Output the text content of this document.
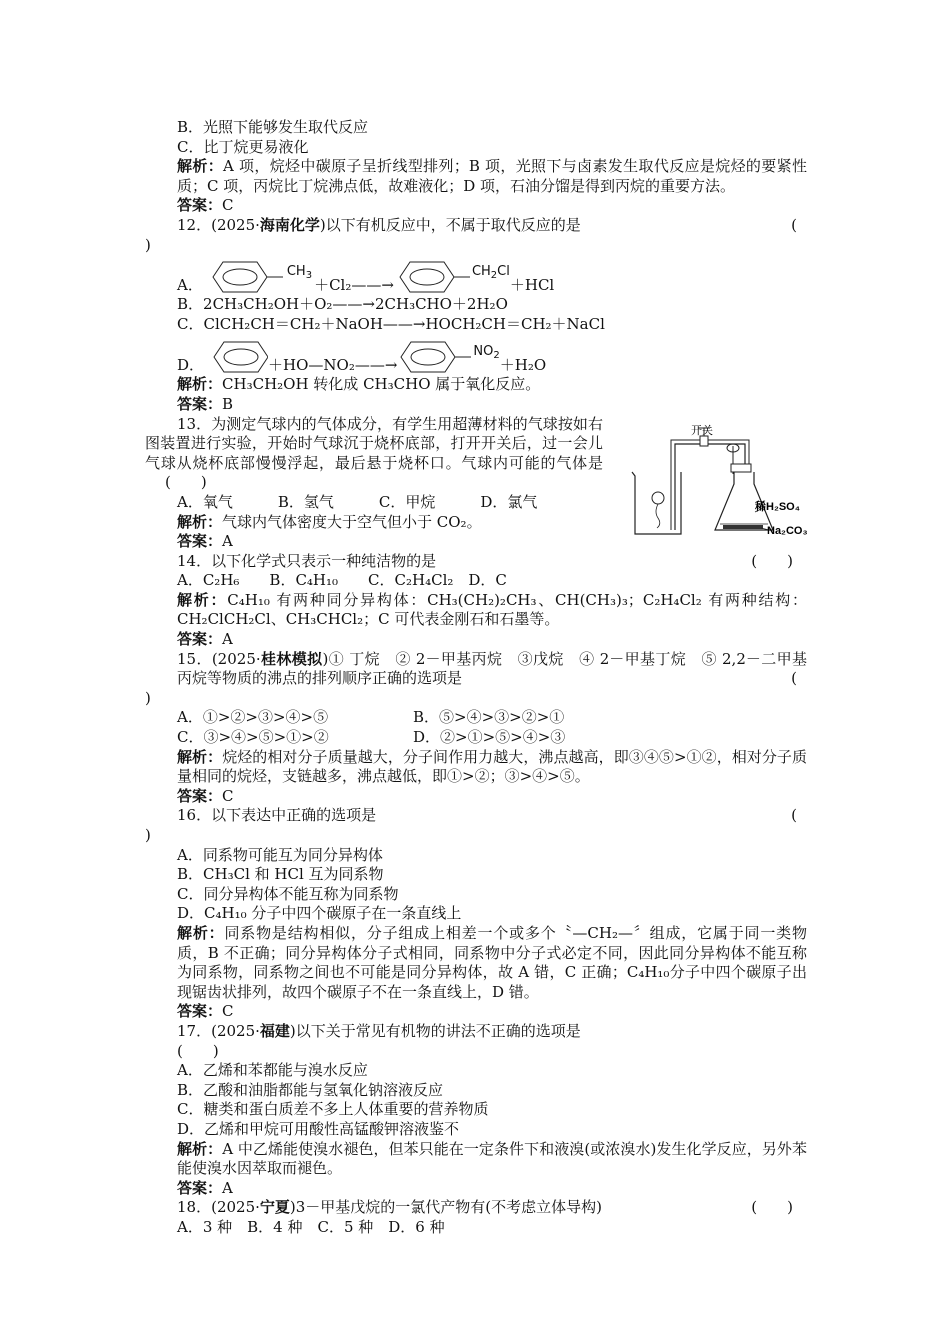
B．光照下能够发生取代反应
C．比丁烷更易液化
解析：A 项，烷烃中碳原子呈折线型排列；B 项，光照下与卤素发生取代反应是烷烃的要紧性质；C 项，丙烷比丁烷沸点低，故难液化；D 项，石油分馏是得到丙烷的重要方法。
答案：C
12．(2025·海南化学)以下有机反应中，不属于取代反应的是	(
)
A．
$CH_3$
＋Cl₂——→
$CH_2Cl$
＋HCl
B．2CH₃CH₂OH＋O₂——→2CH₃CHO＋2H₂O
C．ClCH₂CH＝CH₂＋NaOH——→HOCH₂CH＝CH₂＋NaCl
D．	＋HO—NO₂——→
$NO_2$
＋H₂O
解析：CH₃CH₂OH 转化成 CH₃CHO 属于氧化反应。
答案：B
13．为测定气球内的气体成分，有学生用超薄材料的气球按如右图装置进行实验，开始时气球沉于烧杯底部，打开开关后，过一会儿气球从烧杯底部慢慢浮起，最后悬于烧杯口。气球内可能的气体是(　　)
A．氧气　　　B．氢气　　　C．甲烷　　　D．氯气
解析：气球内气体密度大于空气但小于 CO₂。
答案：A
14．以下化学式只表示一种纯洁物的是	(　　)
A．C₂H₆　　B．C₄H₁₀　　C．C₂H₄Cl₂　D．C
解析：C₄H₁₀ 有两种同分异构体：CH₃(CH₂)₂CH₃、CH(CH₃)₃；C₂H₄Cl₂ 有两种结构：CH₂ClCH₂Cl、CH₃CHCl₂；C 可代表金刚石和石墨等。
答案：A
15．(2025·桂林模拟)① 丁烷　② 2－甲基丙烷　③戊烷　④ 2－甲基丁烷　⑤ 2,2－二甲基丙烷等物质的沸点的排列顺序正确的选项是	(
)
A．①>②>③>④>⑤	B．⑤>④>③>②>①
C．③>④>⑤>①>②	D．②>①>⑤>④>③
解析：烷烃的相对分子质量越大，分子间作用力越大，沸点越高，即③④⑤>①②，相对分子质量相同的烷烃，支链越多，沸点越低，即①>②；③>④>⑤。
答案：C
16．以下表达中正确的选项是	(
)
A．同系物可能互为同分异构体
B．CH₃Cl 和 HCl 互为同系物
C．同分异构体不能互称为同系物
D．C₄H₁₀ 分子中四个碳原子在一条直线上
解析：同系物是结构相似，分子组成上相差一个或多个〝—CH₂—〞组成，它属于同一类物质，B 不正确；同分异构体分子式相同，同系物中分子式必定不同，因此同分异构体不能互称为同系物，同系物之间也不可能是同分异构体，故 A 错，C 正确；C₄H₁₀分子中四个碳原子出现锯齿状排列，故四个碳原子不在一条直线上，D 错。
答案：C
17．(2025·福建)以下关于常见有机物的讲法不正确的选项是
(　　)
A．乙烯和苯都能与溴水反应
B．乙酸和油脂都能与氢氧化钠溶液反应
C．糖类和蛋白质差不多上人体重要的营养物质
D．乙烯和甲烷可用酸性高锰酸钾溶液鉴不
解析：A 中乙烯能使溴水褪色，但苯只能在一定条件下和液溴(或浓溴水)发生化学反应，另外苯能使溴水因萃取而褪色。
答案：A
18．(2025·宁夏)3－甲基戊烷的一氯代产物有(不考虑立体导构)	(　　)
A．3 种　B．4 种　C．5 种　D．6 种
开关
稀H₂SO₄
Na₂CO₃
